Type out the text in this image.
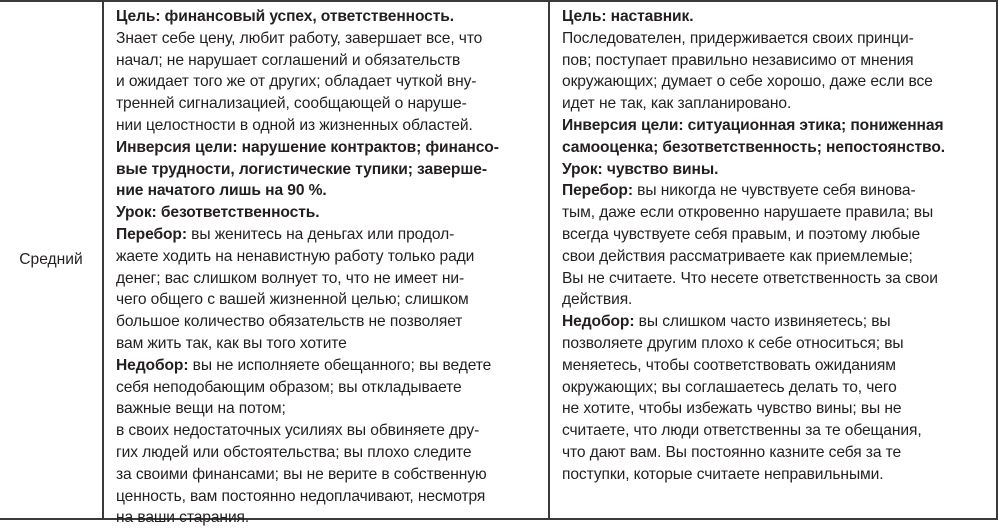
Средний
Цель: финансовый успех, ответственность.
Знает себе цену, любит работу, завершает все, что
начал; не нарушает соглашений и обязательств
и ожидает того же от других; обладает чуткой вну-
тренней сигнализацией, сообщающей о наруше-
нии целостности в одной из жизненных областей.
Инверсия цели: нарушение контрактов; финансо-
вые трудности, логистические тупики; заверше-
ние начатого лишь на 90 %.
Урок: безответственность.
Перебор: вы женитесь на деньгах или продол-
жаете ходить на ненавистную работу только ради
денег; вас слишком волнует то, что не имеет ни-
чего общего с вашей жизненной целью; слишком
большое количество обязательств не позволяет
вам жить так, как вы того хотите
Недобор: вы не исполняете обещанного; вы ведете
себя неподобающим образом; вы откладываете
важные вещи на потом;
в своих недостаточных усилиях вы обвиняете дру-
гих людей или обстоятельства; вы плохо следите
за своими финансами; вы не верите в собственную
ценность, вам постоянно недоплачивают, несмотря
на ваши старания.
Цель: наставник.
Последователен, придерживается своих принци-
пов; поступает правильно независимо от мнения
окружающих; думает о себе хорошо, даже если все
идет не так, как запланировано.
Инверсия цели: ситуационная этика; пониженная
самооценка; безответственность; непостоянство.
Урок: чувство вины.
Перебор: вы никогда не чувствуете себя винова-
тым, даже если откровенно нарушаете правила; вы
всегда чувствуете себя правым, и поэтому любые
свои действия рассматриваете как приемлемые;
Вы не считаете. Что несете ответственность за свои
действия.
Недобор: вы слишком часто извиняетесь; вы
позволяете другим плохо к себе относиться; вы
меняетесь, чтобы соответствовать ожиданиям
окружающих; вы соглашаетесь делать то, чего
не хотите, чтобы избежать чувство вины; вы не
считаете, что люди ответственны за те обещания,
что дают вам. Вы постоянно казните себя за те
поступки, которые считаете неправильными.
